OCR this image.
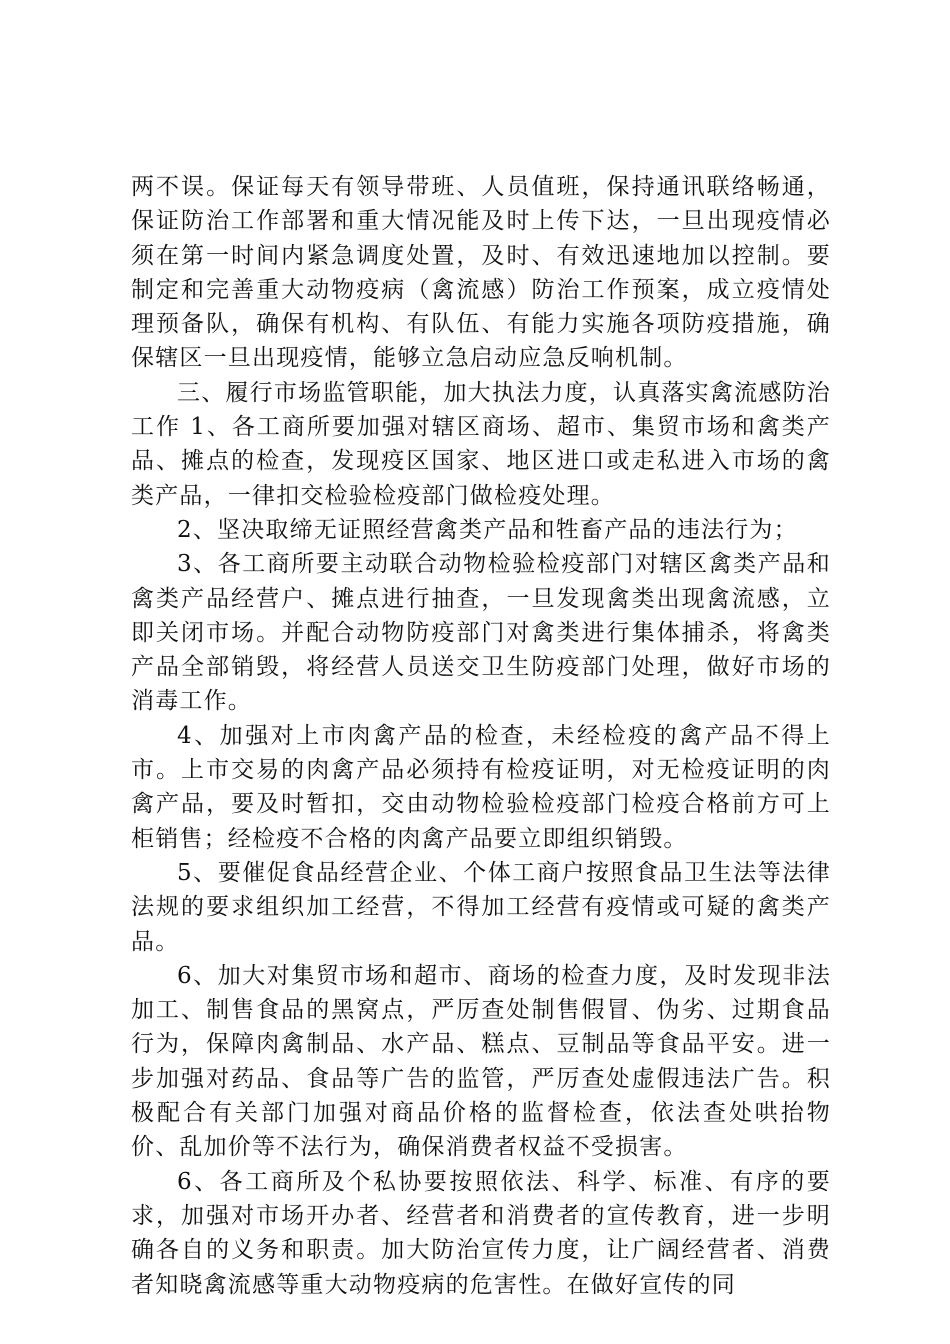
两不误。保证每天有领导带班、人员值班，保持通讯联络畅通，保证防治工作部署和重大情况能及时上传下达，一旦出现疫情必须在第一时间内紧急调度处置，及时、有效迅速地加以控制。要制定和完善重大动物疫病（禽流感）防治工作预案，成立疫情处理预备队，确保有机构、有队伍、有能力实施各项防疫措施，确保辖区一旦出现疫情，能够立急启动应急反响机制。

三、履行市场监管职能，加大执法力度，认真落实禽流感防治工作 1、各工商所要加强对辖区商场、超市、集贸市场和禽类产品、摊点的检查，发现疫区国家、地区进口或走私进入市场的禽类产品，一律扣交检验检疫部门做检疫处理。

2、坚决取缔无证照经营禽类产品和牲畜产品的违法行为；

3、各工商所要主动联合动物检验检疫部门对辖区禽类产品和禽类产品经营户、摊点进行抽查，一旦发现禽类出现禽流感，立即关闭市场。并配合动物防疫部门对禽类进行集体捕杀，将禽类产品全部销毁，将经营人员送交卫生防疫部门处理，做好市场的消毒工作。

4、加强对上市肉禽产品的检查，未经检疫的禽产品不得上市。上市交易的肉禽产品必须持有检疫证明，对无检疫证明的肉禽产品，要及时暂扣，交由动物检验检疫部门检疫合格前方可上柜销售；经检疫不合格的肉禽产品要立即组织销毁。

5、要催促食品经营企业、个体工商户按照食品卫生法等法律法规的要求组织加工经营，不得加工经营有疫情或可疑的禽类产品。

6、加大对集贸市场和超市、商场的检查力度，及时发现非法加工、制售食品的黑窝点，严厉查处制售假冒、伪劣、过期食品行为，保障肉禽制品、水产品、糕点、豆制品等食品平安。进一步加强对药品、食品等广告的监管，严厉查处虚假违法广告。积极配合有关部门加强对商品价格的监督检查，依法查处哄抬物价、乱加价等不法行为，确保消费者权益不受损害。

6、各工商所及个私协要按照依法、科学、标准、有序的要求，加强对市场开办者、经营者和消费者的宣传教育，进一步明确各自的义务和职责。加大防治宣传力度，让广阔经营者、消费者知晓禽流感等重大动物疫病的危害性。在做好宣传的同
